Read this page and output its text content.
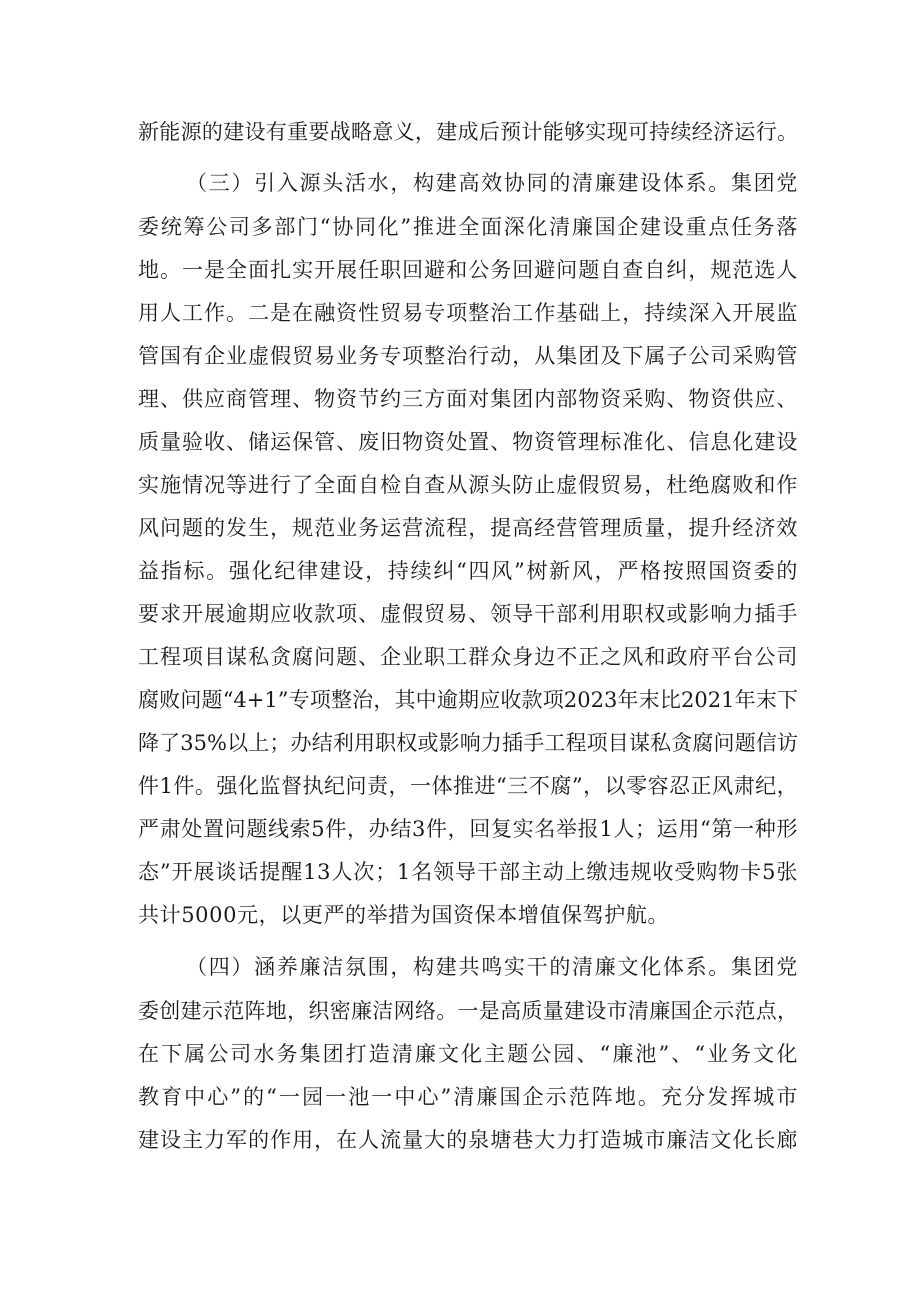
新能源的建设有重要战略意义，建成后预计能够实现可持续经济运行。
（三）引入源头活水，构建高效协同的清廉建设体系。集团党
委统筹公司多部门“协同化”推进全面深化清廉国企建设重点任务落
地。一是全面扎实开展任职回避和公务回避问题自查自纠，规范选人
用人工作。二是在融资性贸易专项整治工作基础上，持续深入开展监
管国有企业虚假贸易业务专项整治行动，从集团及下属子公司采购管
理、供应商管理、物资节约三方面对集团内部物资采购、物资供应、
质量验收、储运保管、废旧物资处置、物资管理标准化、信息化建设
实施情况等进行了全面自检自查从源头防止虚假贸易，杜绝腐败和作
风问题的发生，规范业务运营流程，提高经营管理质量，提升经济效
益指标。强化纪律建设，持续纠“四风”树新风，严格按照国资委的
要求开展逾期应收款项、虚假贸易、领导干部利用职权或影响力插手
工程项目谋私贪腐问题、企业职工群众身边不正之风和政府平台公司
腐败问题“4+1”专项整治，其中逾期应收款项2023年末比2021年末下
降了35%以上；办结利用职权或影响力插手工程项目谋私贪腐问题信访
件1件。强化监督执纪问责，一体推进“三不腐”，以零容忍正风肃纪，
严肃处置问题线索5件，办结3件，回复实名举报1人；运用“第一种形
态”开展谈话提醒13人次；1名领导干部主动上缴违规收受购物卡5张
共计5000元，以更严的举措为国资保本增值保驾护航。
（四）涵养廉洁氛围，构建共鸣实干的清廉文化体系。集团党
委创建示范阵地，织密廉洁网络。一是高质量建设市清廉国企示范点，
在下属公司水务集团打造清廉文化主题公园、“廉池”、“业务文化
教育中心”的“一园一池一中心”清廉国企示范阵地。充分发挥城市
建设主力军的作用，在人流量大的泉塘巷大力打造城市廉洁文化长廊
